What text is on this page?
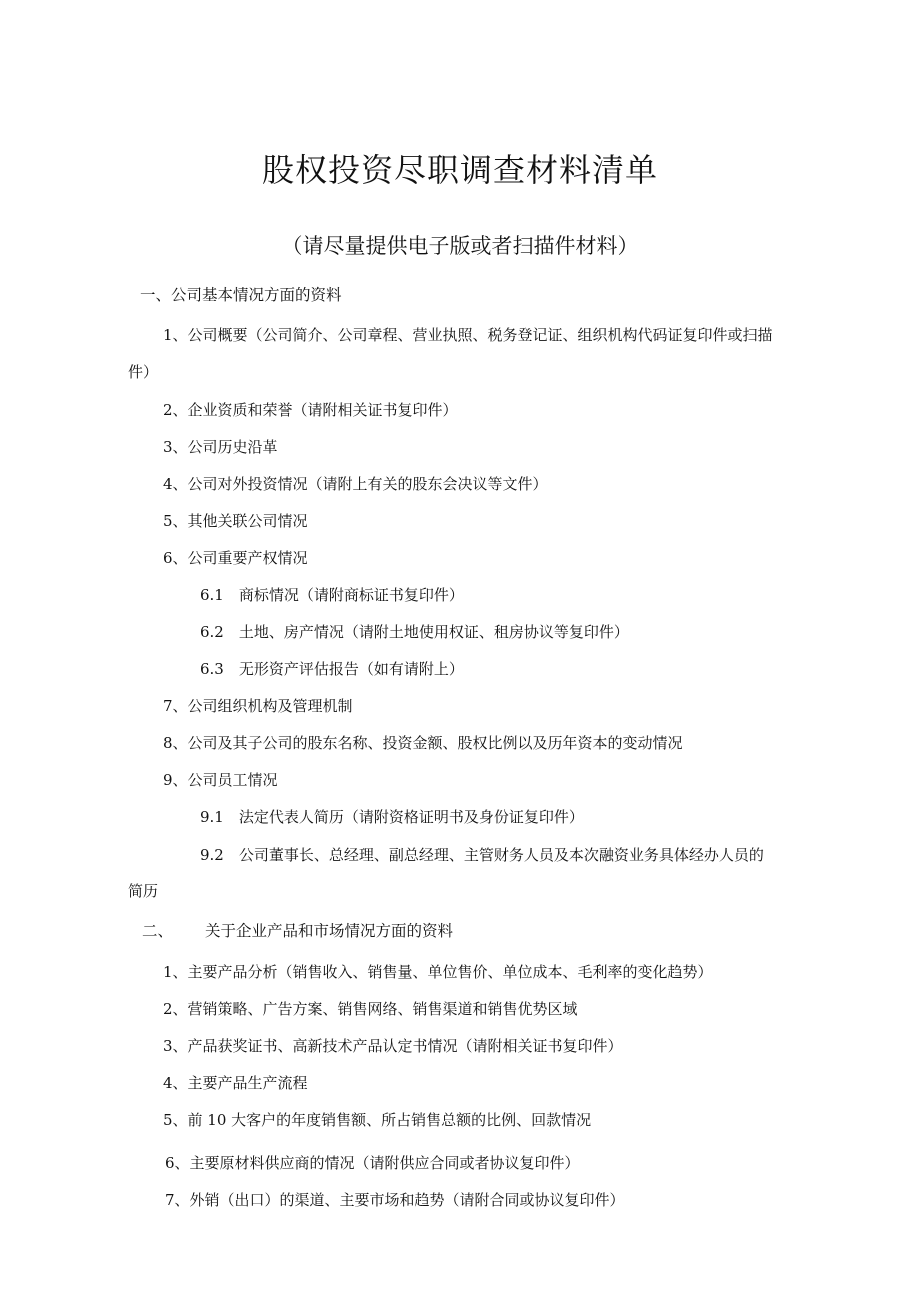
股权投资尽职调查材料清单
（请尽量提供电子版或者扫描件材料）
一、公司基本情况方面的资料
1、公司概要（公司简介、公司章程、营业执照、税务登记证、组织机构代码证复印件或扫描
件）
2、企业资质和荣誉（请附相关证书复印件）
3、公司历史沿革
4、公司对外投资情况（请附上有关的股东会决议等文件）
5、其他关联公司情况
6、公司重要产权情况
6.1　商标情况（请附商标证书复印件）
6.2　土地、房产情况（请附土地使用权证、租房协议等复印件）
6.3　无形资产评估报告（如有请附上）
7、公司组织机构及管理机制
8、公司及其子公司的股东名称、投资金额、股权比例以及历年资本的变动情况
9、公司员工情况
9.1　法定代表人简历（请附资格证明书及身份证复印件）
9.2　公司董事长、总经理、副总经理、主管财务人员及本次融资业务具体经办人员的
简历
二、 关于企业产品和市场情况方面的资料
1、主要产品分析（销售收入、销售量、单位售价、单位成本、毛利率的变化趋势）
2、营销策略、广告方案、销售网络、销售渠道和销售优势区域
3、产品获奖证书、高新技术产品认定书情况（请附相关证书复印件）
4、主要产品生产流程
5、前 10 大客户的年度销售额、所占销售总额的比例、回款情况
6、主要原材料供应商的情况（请附供应合同或者协议复印件）
7、外销（出口）的渠道、主要市场和趋势（请附合同或协议复印件）
